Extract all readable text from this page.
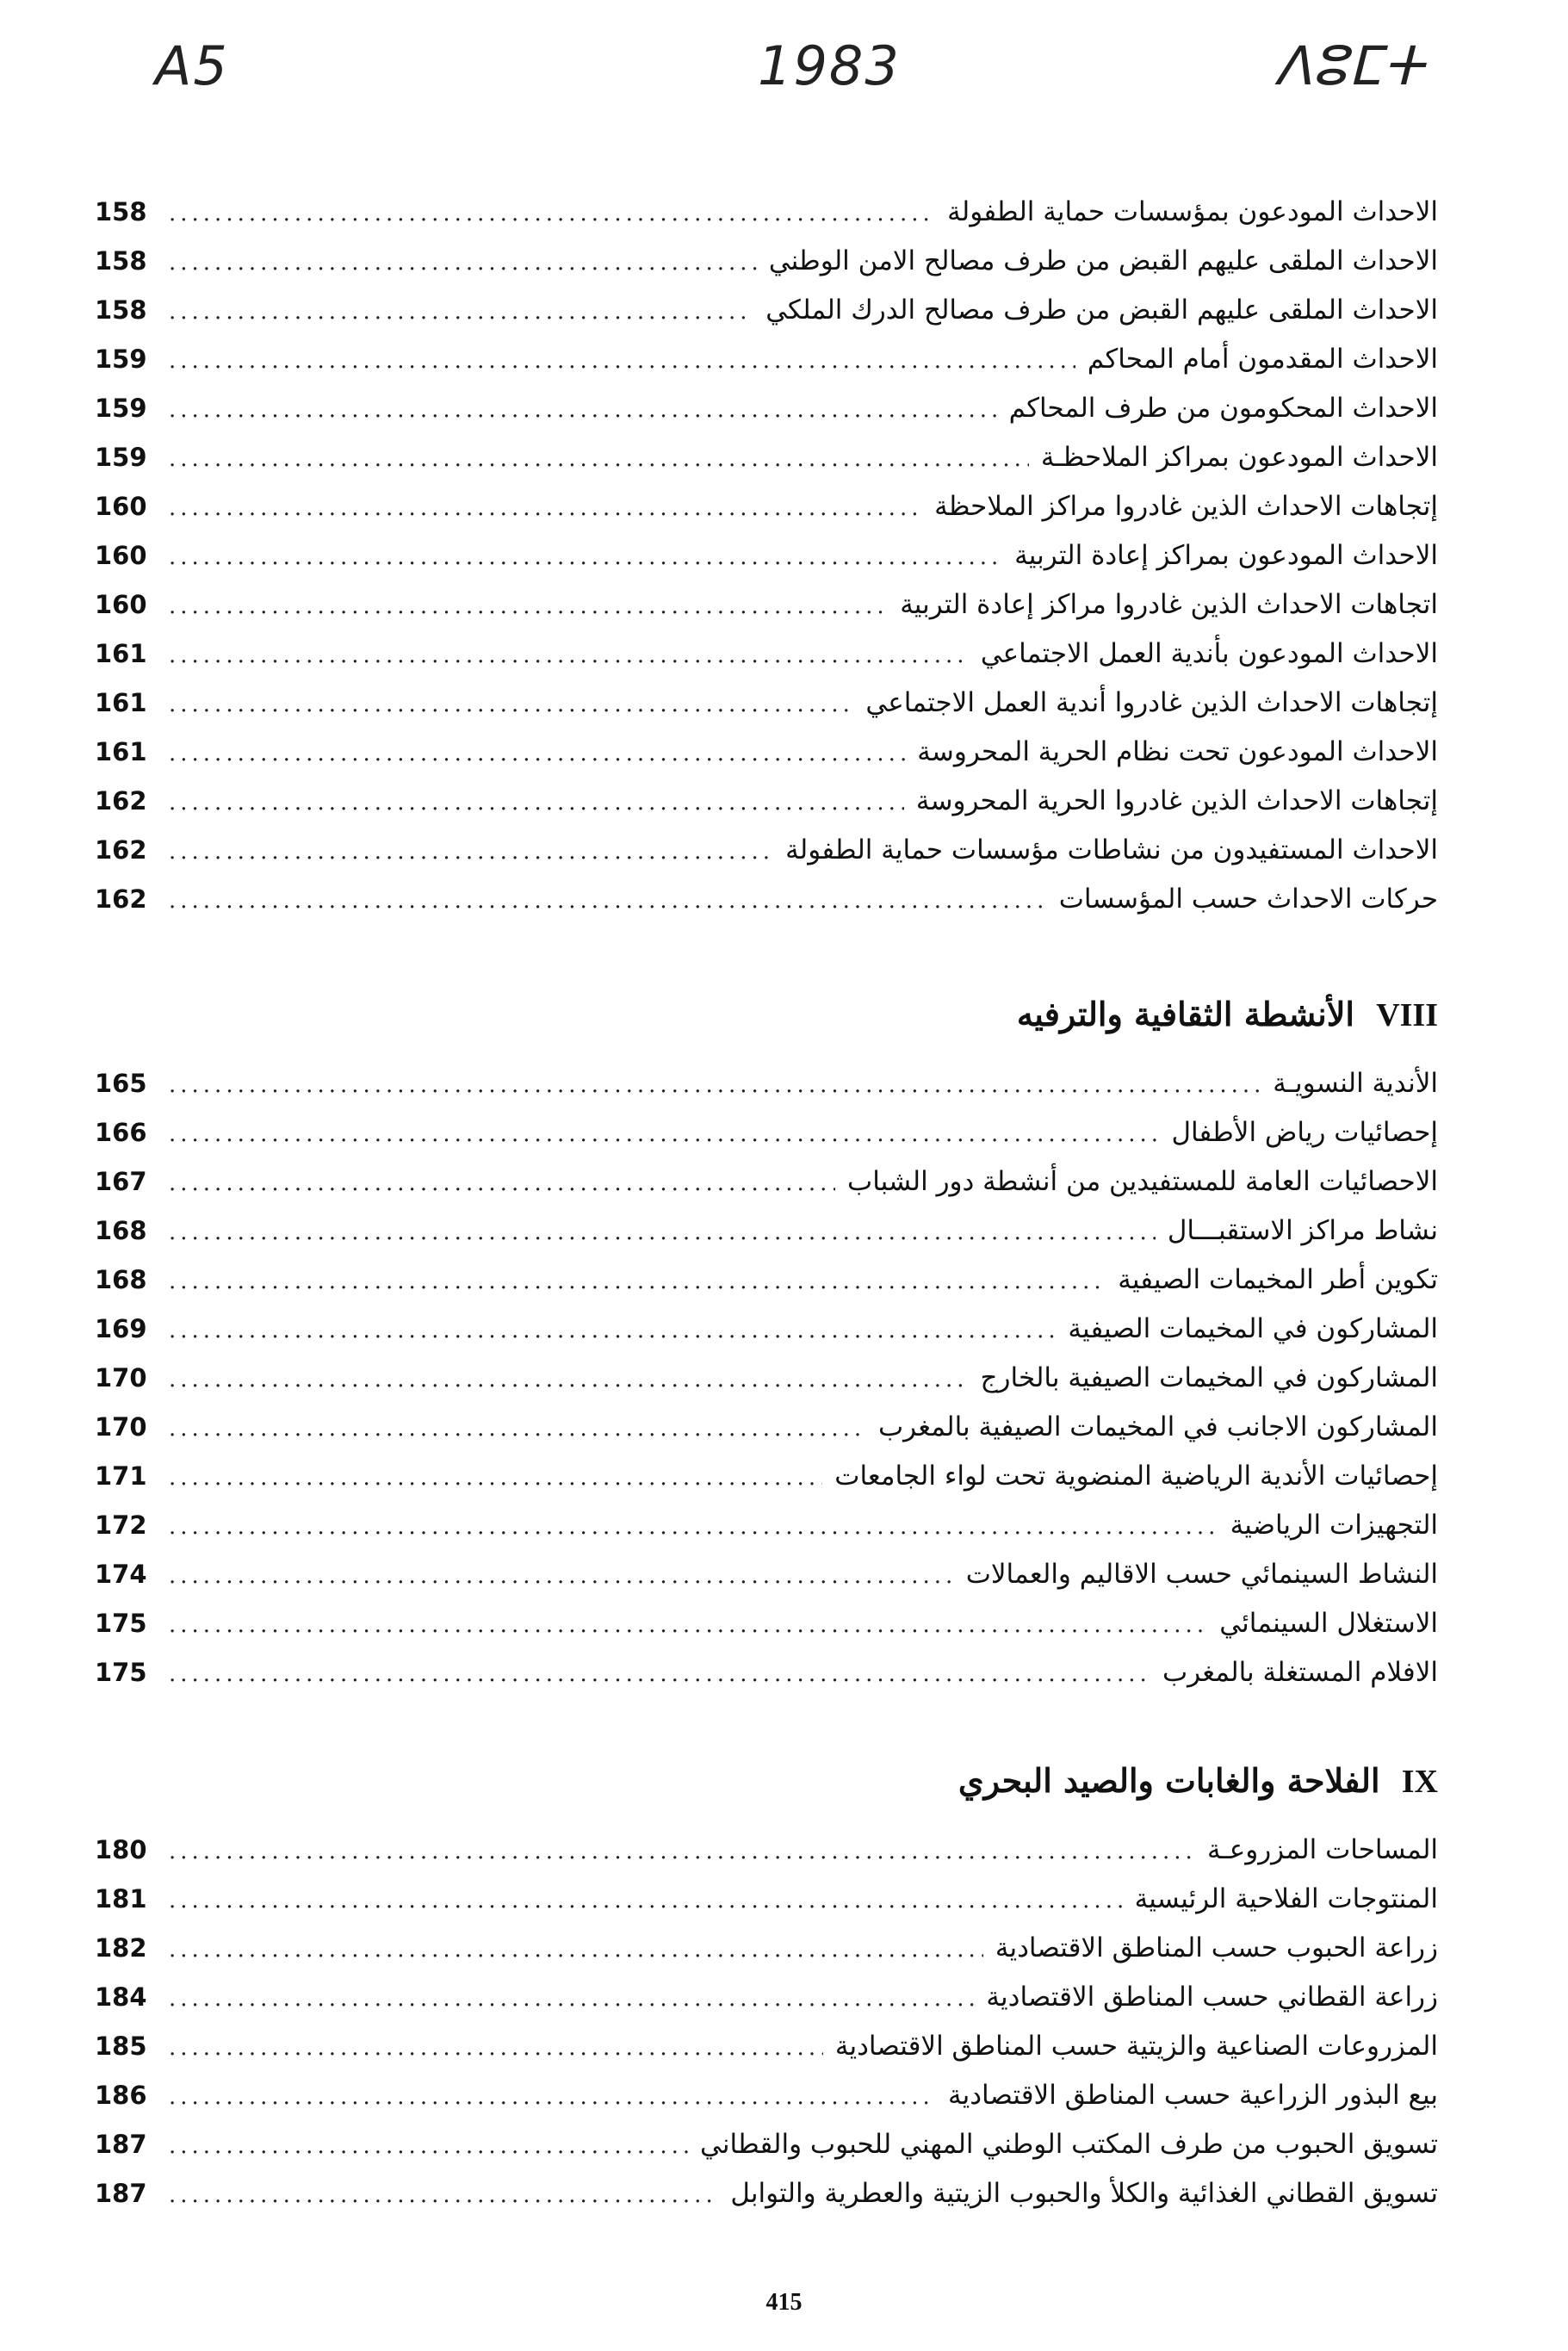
A5	1983	ⴷⵓⵎⵜ
الاحداث المودعون بمؤسسات حماية الطفولة
.....
158
الاحداث الملقى عليهم القبض من طرف مصالح الامن الوطني
.....
158
الاحداث الملقى عليهم القبض من طرف مصالح الدرك الملكي
.....
158
الاحداث المقدمون أمام المحاكم
.....
159
الاحداث المحكومون من طرف المحاكم
.....
159
الاحداث المودعون بمراكز الملاحظـة
.....
159
إتجاهات الاحداث الذين غادروا مراكز الملاحظة
.....
160
الاحداث المودعون بمراكز إعادة التربية
.....
160
اتجاهات الاحداث الذين غادروا مراكز إعادة التربية
.....
160
الاحداث المودعون بأندية العمل الاجتماعي
.....
161
إتجاهات الاحداث الذين غادروا أندية العمل الاجتماعي
.....
161
الاحداث المودعون تحت نظام الحرية المحروسة
.....
161
إتجاهات الاحداث الذين غادروا الحرية المحروسة
.....
162
الاحداث المستفيدون من نشاطات مؤسسات حماية الطفولة
.....
162
حركات الاحداث حسب المؤسسات
.....
162
VIII الأنشطة الثقافية والترفيه
الأندية النسويـة
.....
165
إحصائيات رياض الأطفال
.....
166
الاحصائيات العامة للمستفيدين من أنشطة دور الشباب
.....
167
نشاط مراكز الاستقبـــال
.....
168
تكوين أطر المخيمات الصيفية
.....
168
المشاركون في المخيمات الصيفية
.....
169
المشاركون في المخيمات الصيفية بالخارج
.....
170
المشاركون الاجانب في المخيمات الصيفية بالمغرب
.....
170
إحصائيات الأندية الرياضية المنضوية تحت لواء الجامعات
.....
171
التجهيزات الرياضية
.....
172
النشاط السينمائي حسب الاقاليم والعمالات
.....
174
الاستغلال السينمائي
.....
175
الافلام المستغلة بالمغرب
.....
175
IX الفلاحة والغابات والصيد البحري
المساحات المزروعـة
.....
180
المنتوجات الفلاحية الرئيسية
.....
181
زراعة الحبوب حسب المناطق الاقتصادية
.....
182
زراعة القطاني حسب المناطق الاقتصادية
.....
184
المزروعات الصناعية والزيتية حسب المناطق الاقتصادية
.....
185
بيع البذور الزراعية حسب المناطق الاقتصادية
.....
186
تسويق الحبوب من طرف المكتب الوطني المهني للحبوب والقطاني
.....
187
تسويق القطاني الغذائية والكلأ والحبوب الزيتية والعطرية والتوابل
.....
187
415
